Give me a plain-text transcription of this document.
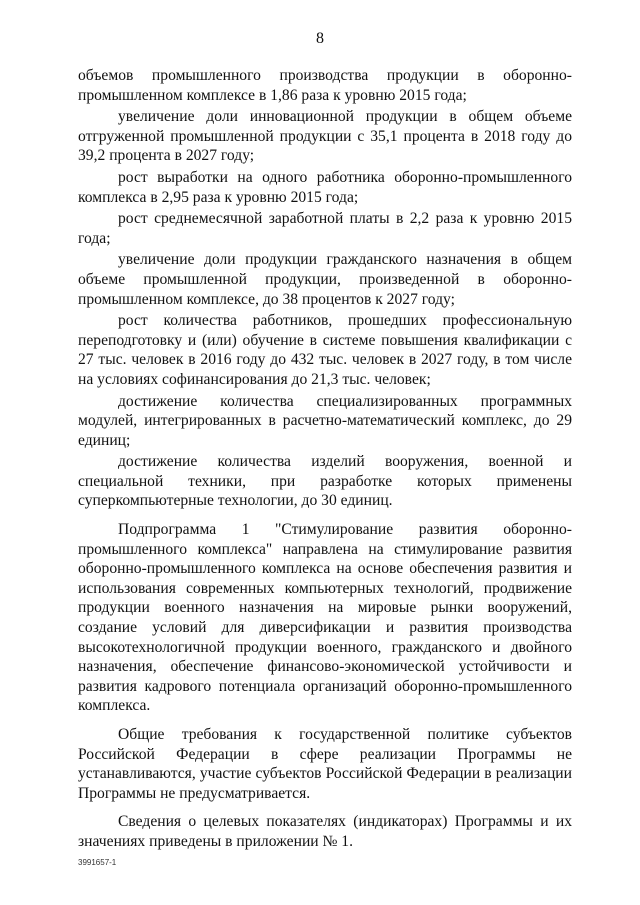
8

объемов промышленного производства продукции в оборонно-промышленном комплексе в 1,86 раза к уровню 2015 года;

увеличение доли инновационной продукции в общем объеме отгруженной промышленной продукции с 35,1 процента в 2018 году до 39,2 процента в 2027 году;

рост выработки на одного работника оборонно-промышленного комплекса в 2,95 раза к уровню 2015 года;

рост среднемесячной заработной платы в 2,2 раза к уровню 2015 года;

увеличение доли продукции гражданского назначения в общем объеме промышленной продукции, произведенной в оборонно-промышленном комплексе, до 38 процентов к 2027 году;

рост количества работников, прошедших профессиональную переподготовку и (или) обучение в системе повышения квалификации с 27 тыс. человек в 2016 году до 432 тыс. человек в 2027 году, в том числе на условиях софинансирования до 21,3 тыс. человек;

достижение количества специализированных программных модулей, интегрированных в расчетно-математический комплекс, до 29 единиц;

достижение количества изделий вооружения, военной и специальной техники, при разработке которых применены суперкомпьютерные технологии, до 30 единиц.

Подпрограмма 1 "Стимулирование развития оборонно-промышленного комплекса" направлена на стимулирование развития оборонно-промышленного комплекса на основе обеспечения развития и использования современных компьютерных технологий, продвижение продукции военного назначения на мировые рынки вооружений, создание условий для диверсификации и развития производства высокотехнологичной продукции военного, гражданского и двойного назначения, обеспечение финансово-экономической устойчивости и развития кадрового потенциала организаций оборонно-промышленного комплекса.

Общие требования к государственной политике субъектов Российской Федерации в сфере реализации Программы не устанавливаются, участие субъектов Российской Федерации в реализации Программы не предусматривается.

Сведения о целевых показателях (индикаторах) Программы и их значениях приведены в приложении № 1.

3991657-1
